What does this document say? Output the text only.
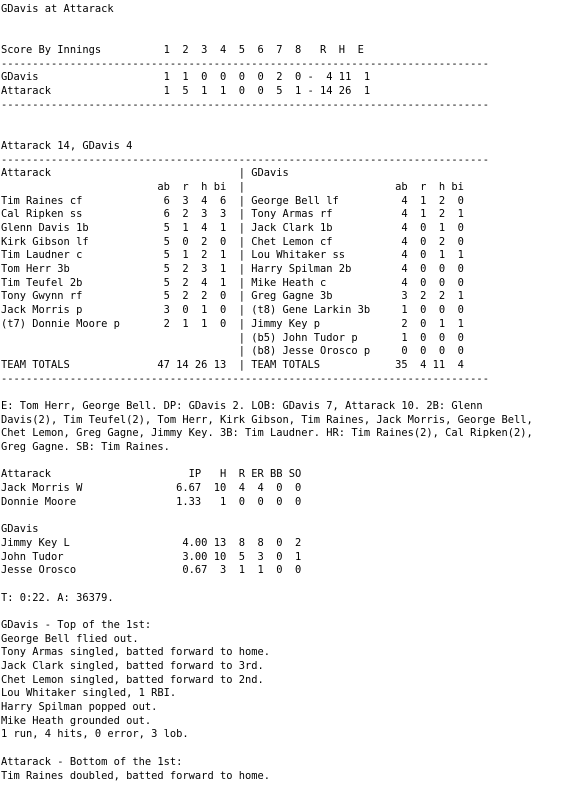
GDavis at Attarack
Score By Innings          1  2  3  4  5  6  7  8   R  H  E
------------------------------------------------------------------------------
GDavis                    1  1  0  0  0  0  2  0 -  4 11  1
Attarack                  1  5  1  1  0  0  5  1 - 14 26  1
------------------------------------------------------------------------------
Attarack 14, GDavis 4
------------------------------------------------------------------------------
Attarack                              | GDavis
ab  r  h bi  |                        ab  r  h bi
Tim Raines cf             6  3  4  6  | George Bell lf          4  1  2  0
Cal Ripken ss             6  2  3  3  | Tony Armas rf           4  1  2  1
Glenn Davis 1b            5  1  4  1  | Jack Clark 1b           4  0  1  0
Kirk Gibson lf            5  0  2  0  | Chet Lemon cf           4  0  2  0
Tim Laudner c             5  1  2  1  | Lou Whitaker ss         4  0  1  1
Tom Herr 3b               5  2  3  1  | Harry Spilman 2b        4  0  0  0
Tim Teufel 2b             5  2  4  1  | Mike Heath c            4  0  0  0
Tony Gwynn rf             5  2  2  0  | Greg Gagne 3b           3  2  2  1
Jack Morris p             3  0  1  0  | (t8) Gene Larkin 3b     1  0  0  0
(t7) Donnie Moore p       2  1  1  0  | Jimmy Key p             2  0  1  1
| (b5) John Tudor p       1  0  0  0
| (b8) Jesse Orosco p     0  0  0  0
TEAM TOTALS              47 14 26 13  | TEAM TOTALS            35  4 11  4
------------------------------------------------------------------------------
E: Tom Herr, George Bell. DP: GDavis 2. LOB: GDavis 7, Attarack 10. 2B: Glenn
Davis(2), Tim Teufel(2), Tom Herr, Kirk Gibson, Tim Raines, Jack Morris, George Bell,
Chet Lemon, Greg Gagne, Jimmy Key. 3B: Tim Laudner. HR: Tim Raines(2), Cal Ripken(2),
Greg Gagne. SB: Tim Raines.
Attarack                      IP   H  R ER BB SO
Jack Morris W               6.67  10  4  4  0  0
Donnie Moore                1.33   1  0  0  0  0
GDavis
Jimmy Key L                  4.00 13  8  8  0  2
John Tudor                   3.00 10  5  3  0  1
Jesse Orosco                 0.67  3  1  1  0  0
T: 0:22. A: 36379.
GDavis - Top of the 1st:
George Bell flied out.
Tony Armas singled, batted forward to home.
Jack Clark singled, batted forward to 3rd.
Chet Lemon singled, batted forward to 2nd.
Lou Whitaker singled, 1 RBI.
Harry Spilman popped out.
Mike Heath grounded out.
1 run, 4 hits, 0 error, 3 lob.
Attarack - Bottom of the 1st:
Tim Raines doubled, batted forward to home.
